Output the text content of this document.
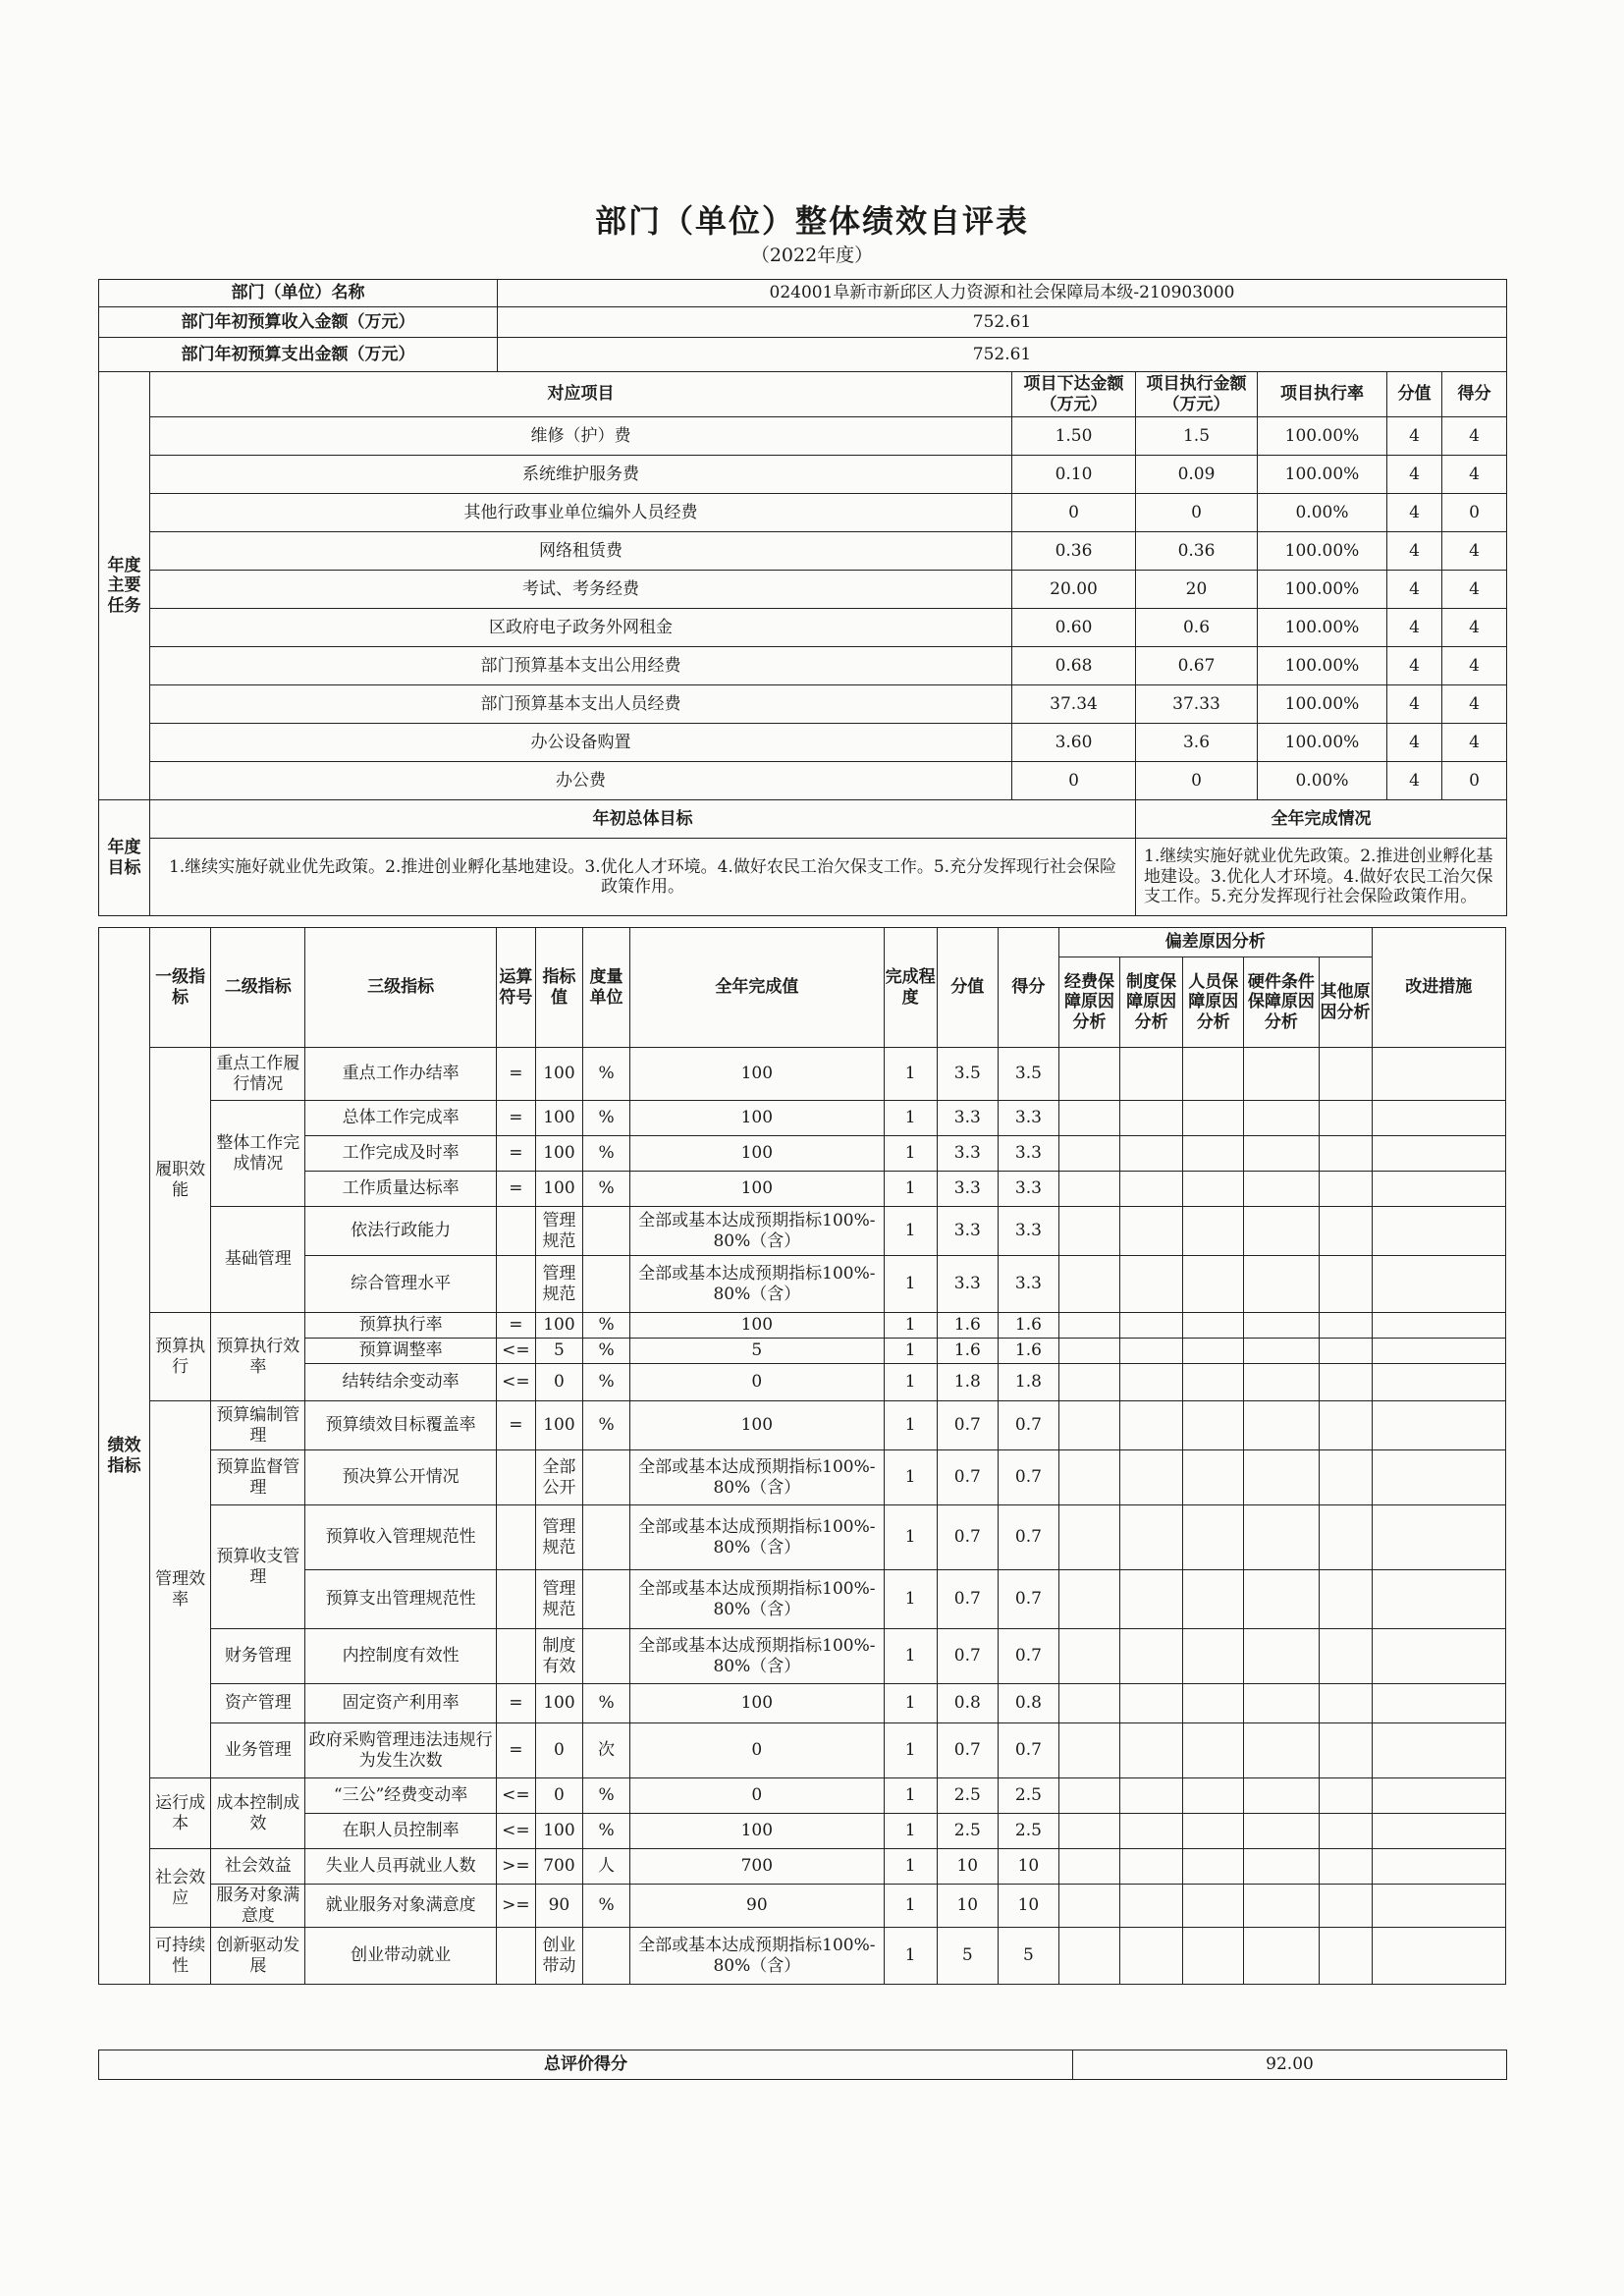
部门（单位）整体绩效自评表
（2022年度）
部门（单位）名称	024001阜新市新邱区人力资源和社会保障局本级-210903000
部门年初预算收入金额（万元）	752.61
部门年初预算支出金额（万元）	752.61
年度主要任务	对应项目	项目下达金额（万元）	项目执行金额（万元）	项目执行率	分值	得分
	维修（护）费	1.50	1.5	100.00%	4	4
	系统维护服务费	0.10	0.09	100.00%	4	4
	其他行政事业单位编外人员经费	0	0	0.00%	4	0
	网络租赁费	0.36	0.36	100.00%	4	4
	考试、考务经费	20.00	20	100.00%	4	4
	区政府电子政务外网租金	0.60	0.6	100.00%	4	4
	部门预算基本支出公用经费	0.68	0.67	100.00%	4	4
	部门预算基本支出人员经费	37.34	37.33	100.00%	4	4
	办公设备购置	3.60	3.6	100.00%	4	4
	办公费	0	0	0.00%	4	0
年度目标	年初总体目标		全年完成情况			
	1.继续实施好就业优先政策。2.推进创业孵化基地建设。3.优化人才环境。4.做好农民工治欠保支工作。5.充分发挥现行社会保险政策作用。		1.继续实施好就业优先政策。2.推进创业孵化基地建设。3.优化人才环境。4.做好农民工治欠保支工作。5.充分发挥现行社会保险政策作用。			
绩效指标	一级指标	二级指标	三级指标	运算符号	指标值	度量单位	全年完成值	完成程度	分值	得分	偏差原因分析					改进措施
											经费保障原因分析	制度保障原因分析	人员保障原因分析	硬件条件保障原因分析	其他原因分析	
	履职效能	重点工作履行情况	重点工作办结率	=	100	%	100	1	3.5	3.5						
		整体工作完成情况	总体工作完成率	=	100	%	100	1	3.3	3.3						
			工作完成及时率	=	100	%	100	1	3.3	3.3						
			工作质量达标率	=	100	%	100	1	3.3	3.3						
		基础管理	依法行政能力		管理规范		全部或基本达成预期指标100%-80%（含）	1	3.3	3.3						
			综合管理水平		管理规范		全部或基本达成预期指标100%-80%（含）	1	3.3	3.3						
	预算执行	预算执行效率	预算执行率	=	100	%	100	1	1.6	1.6						
			预算调整率	<=	5	%	5	1	1.6	1.6						
			结转结余变动率	<=	0	%	0	1	1.8	1.8						
	管理效率	预算编制管理	预算绩效目标覆盖率	=	100	%	100	1	0.7	0.7						
		预算监督管理	预决算公开情况		全部公开		全部或基本达成预期指标100%-80%（含）	1	0.7	0.7						
		预算收支管理	预算收入管理规范性		管理规范		全部或基本达成预期指标100%-80%（含）	1	0.7	0.7						
			预算支出管理规范性		管理规范		全部或基本达成预期指标100%-80%（含）	1	0.7	0.7						
		财务管理	内控制度有效性		制度有效		全部或基本达成预期指标100%-80%（含）	1	0.7	0.7						
		资产管理	固定资产利用率	=	100	%	100	1	0.8	0.8						
		业务管理	政府采购管理违法违规行为发生次数	=	0	次	0	1	0.7	0.7						
	运行成本	成本控制成效	“三公”经费变动率	<=	0	%	0	1	2.5	2.5						
			在职人员控制率	<=	100	%	100	1	2.5	2.5						
	社会效应	社会效益	失业人员再就业人数	>=	700	人	700	1	10	10						
		服务对象满意度	就业服务对象满意度	>=	90	%	90	1	10	10						
	可持续性	创新驱动发展	创业带动就业		创业带动		全部或基本达成预期指标100%-80%（含）	1	5	5						
总评价得分	92.00
